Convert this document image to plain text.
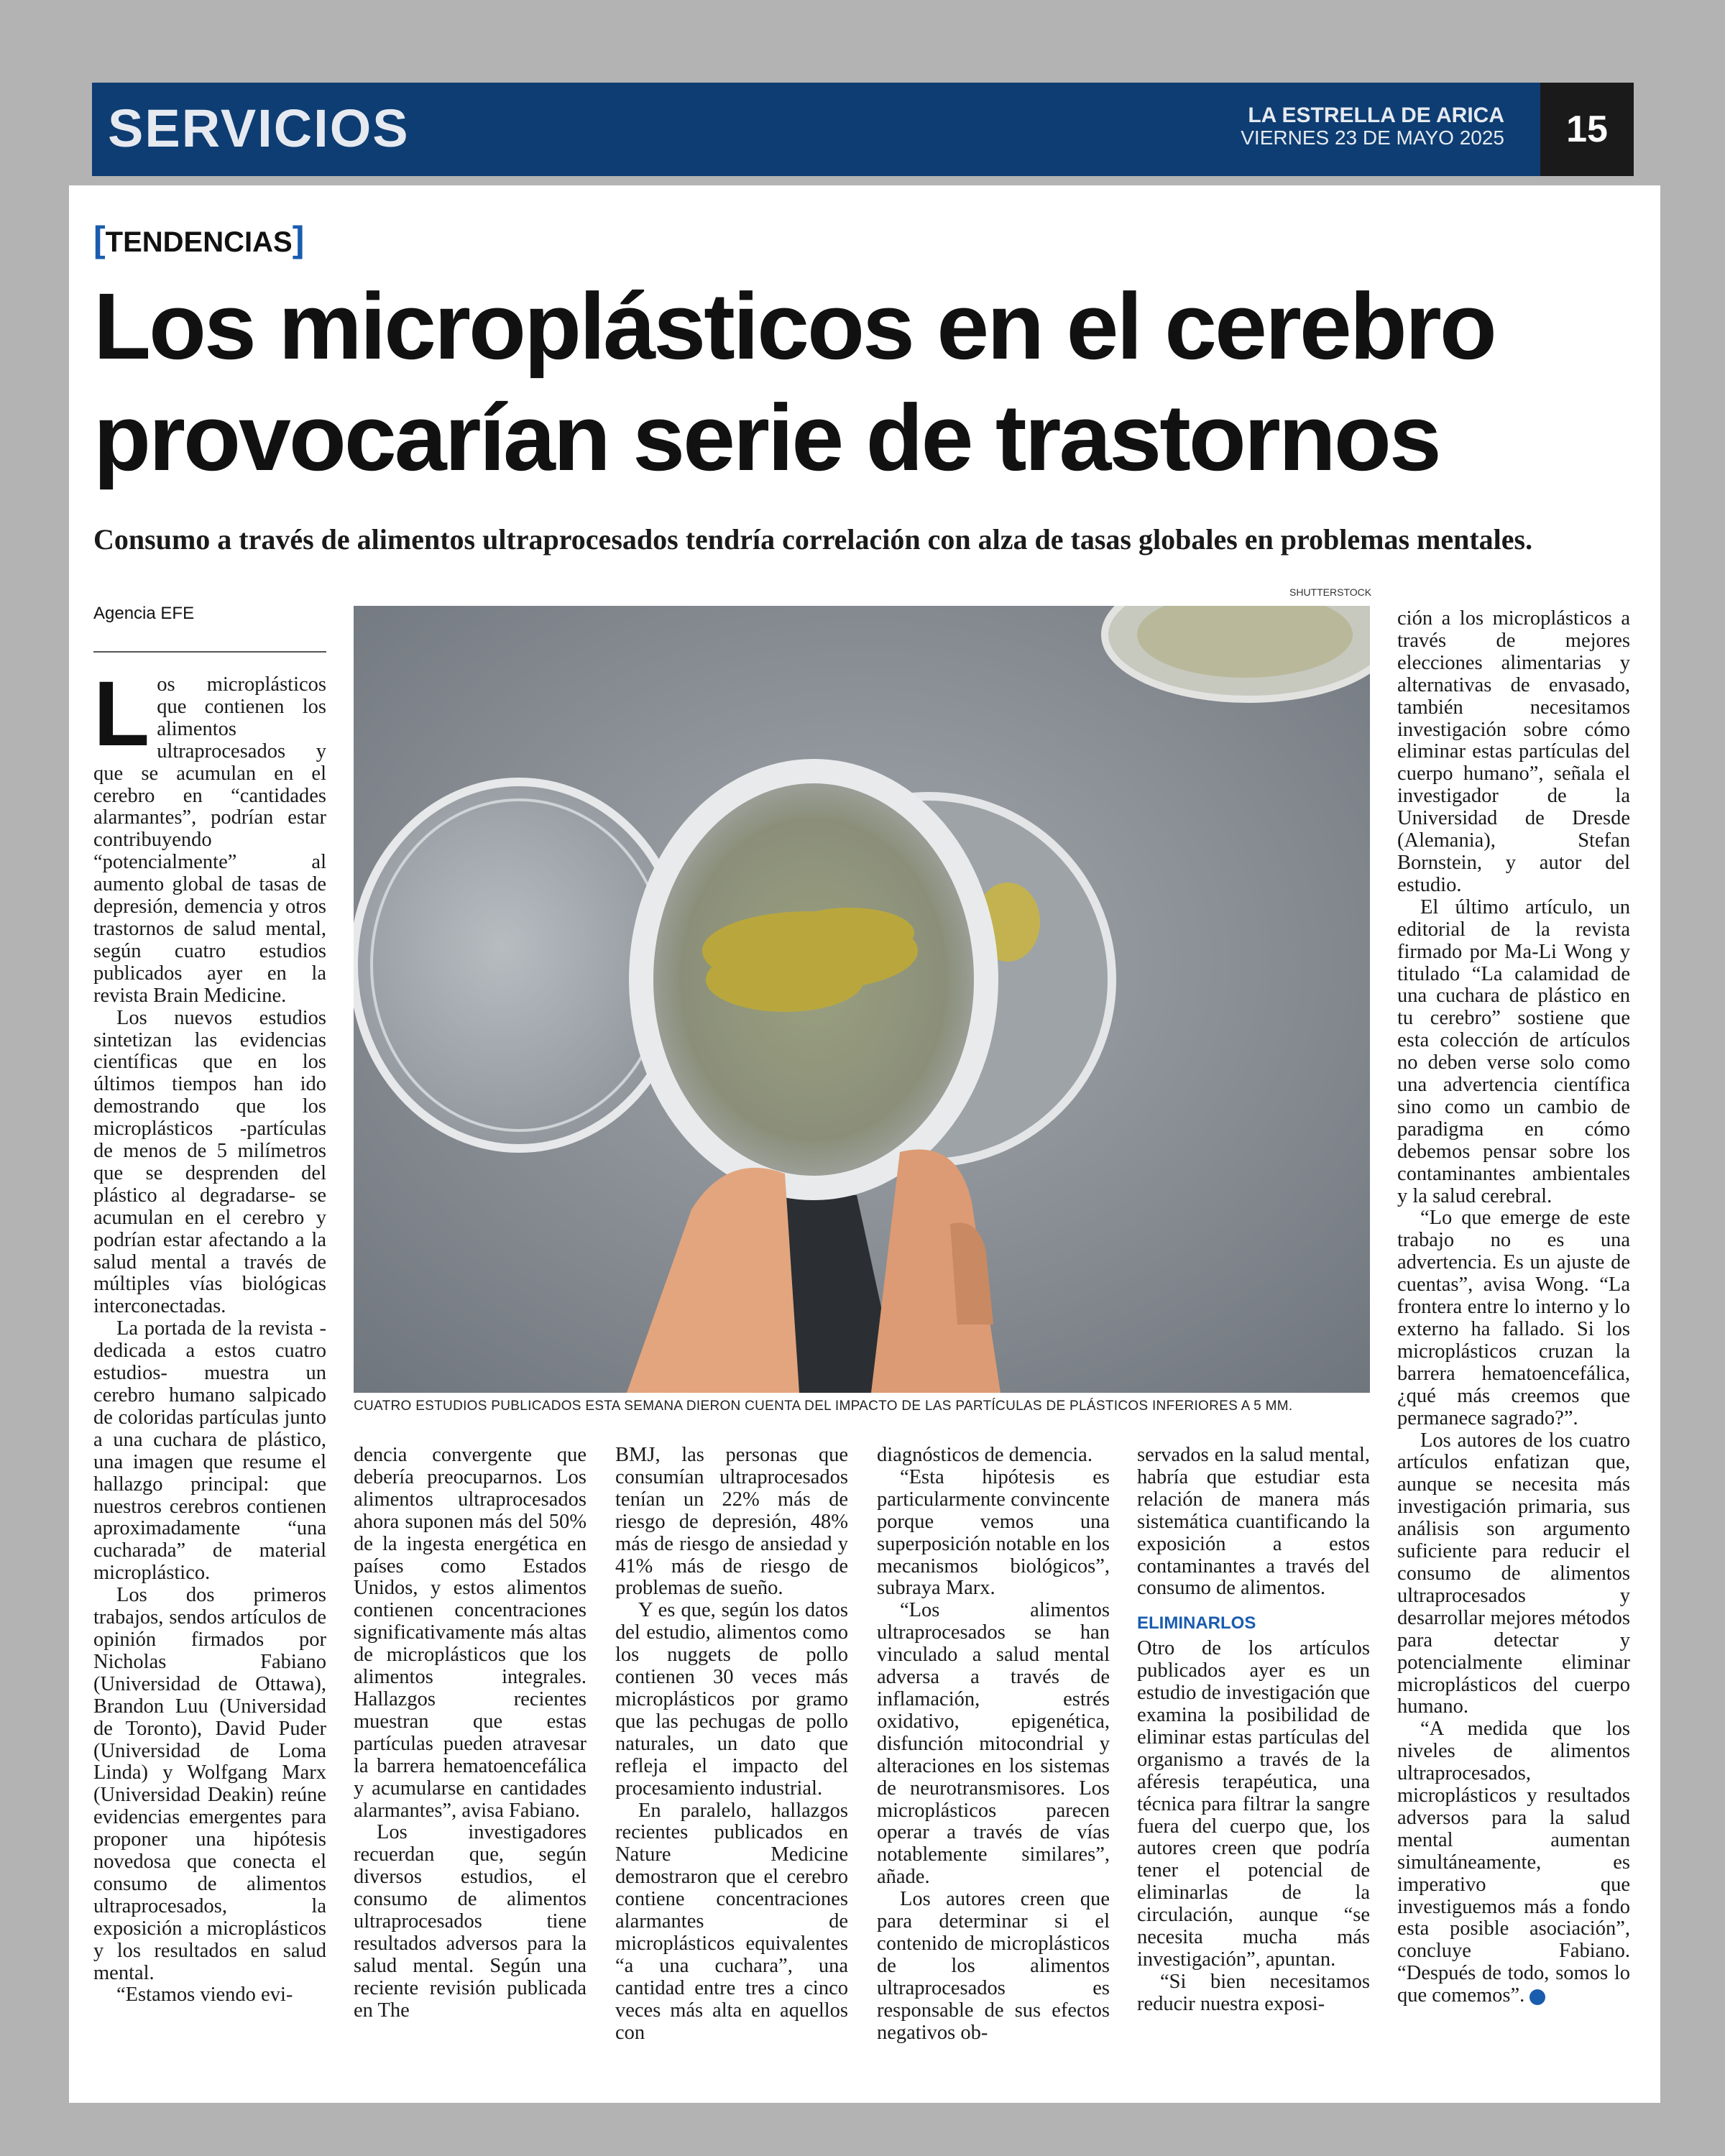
SERVICIOS	LA ESTRELLA DE ARICA
VIERNES 23 DE MAYO 2025	15
[TENDENCIAS]
Los microplásticos en el cerebro
provocarían serie de trastornos
Consumo a través de alimentos ultraprocesados tendría correlación con alza de tasas globales en problemas mentales.
SHUTTERSTOCK
Agencia EFE
CUATRO ESTUDIOS PUBLICADOS ESTA SEMANA DIERON CUENTA DEL IMPACTO DE LAS PARTÍCULAS DE PLÁSTICOS INFERIORES A 5 MM.

Los microplásticos que contienen los alimentos ultraprocesados y que se acumulan en el cerebro en “cantidades alarmantes”, podrían estar contribuyendo “potencialmente” al aumento global de tasas de depresión, demencia y otros trastornos de salud mental, según cuatro estudios publicados ayer en la revista Brain Medicine.

Los nuevos estudios sintetizan las evidencias científicas que en los últimos tiempos han ido demostrando que los microplásticos -partículas de menos de 5 milímetros que se desprenden del plástico al degradarse- se acumulan en el cerebro y podrían estar afectando a la salud mental a través de múltiples vías biológicas interconectadas.

La portada de la revista -dedicada a estos cuatro estudios- muestra un cerebro humano salpicado de coloridas partículas junto a una cuchara de plástico, una imagen que resume el hallazgo principal: que nuestros cerebros contienen aproximadamente “una cucharada” de material microplástico.

Los dos primeros trabajos, sendos artículos de opinión firmados por Nicholas Fabiano (Universidad de Ottawa), Brandon Luu (Universidad de Toronto), David Puder (Universidad de Loma Linda) y Wolfgang Marx (Universidad Deakin) reúne evidencias emergentes para proponer una hipótesis novedosa que conecta el consumo de alimentos ultraprocesados, la exposición a microplásticos y los resultados en salud mental.

“Estamos viendo evi-

dencia convergente que debería preocuparnos. Los alimentos ultraprocesados ahora suponen más del 50% de la ingesta energética en países como Estados Unidos, y estos alimentos contienen concentraciones significativamente más altas de microplásticos que los alimentos integrales. Hallazgos recientes muestran que estas partículas pueden atravesar la barrera hematoencefálica y acumularse en cantidades alarmantes”, avisa Fabiano.

Los investigadores recuerdan que, según diversos estudios, el consumo de alimentos ultraprocesados tiene resultados adversos para la salud mental. Según una reciente revisión publicada en The

BMJ, las personas que consumían ultraprocesados tenían un 22% más de riesgo de depresión, 48% más de riesgo de ansiedad y 41% más de riesgo de problemas de sueño.

Y es que, según los datos del estudio, alimentos como los nuggets de pollo contienen 30 veces más microplásticos por gramo que las pechugas de pollo naturales, un dato que refleja el impacto del procesamiento industrial.

En paralelo, hallazgos recientes publicados en Nature Medicine demostraron que el cerebro contiene concentraciones alarmantes de microplásticos equivalentes “a una cuchara”, una cantidad entre tres a cinco veces más alta en aquellos con

diagnósticos de demencia.

“Esta hipótesis es particularmente convincente porque vemos una superposición notable en los mecanismos biológicos”, subraya Marx.

“Los alimentos ultraprocesados se han vinculado a salud mental adversa a través de inflamación, estrés oxidativo, epigenética, disfunción mitocondrial y alteraciones en los sistemas de neurotransmisores. Los microplásticos parecen operar a través de vías notablemente similares”, añade.

Los autores creen que para determinar si el contenido de microplásticos de los alimentos ultraprocesados es responsable de sus efectos negativos ob-

servados en la salud mental, habría que estudiar esta relación de manera más sistemática cuantificando la exposición a estos contaminantes a través del consumo de alimentos.

ELIMINARLOS

Otro de los artículos publicados ayer es un estudio de investigación que examina la posibilidad de eliminar estas partículas del organismo a través de la aféresis terapéutica, una técnica para filtrar la sangre fuera del cuerpo que, los autores creen que podría tener el potencial de eliminarlas de la circulación, aunque “se necesita mucha más investigación”, apuntan.

“Si bien necesitamos reducir nuestra exposi-

ción a los microplásticos a través de mejores elecciones alimentarias y alternativas de envasado, también necesitamos investigación sobre cómo eliminar estas partículas del cuerpo humano”, señala el investigador de la Universidad de Dresde (Alemania), Stefan Bornstein, y autor del estudio.

El último artículo, un editorial de la revista firmado por Ma-Li Wong y titulado “La calamidad de una cuchara de plástico en tu cerebro” sostiene que esta colección de artículos no deben verse solo como una advertencia científica sino como un cambio de paradigma en cómo debemos pensar sobre los contaminantes ambientales y la salud cerebral.

“Lo que emerge de este trabajo no es una advertencia. Es un ajuste de cuentas”, avisa Wong. “La frontera entre lo interno y lo externo ha fallado. Si los microplásticos cruzan la barrera hematoencefálica, ¿qué más creemos que permanece sagrado?”.

Los autores de los cuatro artículos enfatizan que, aunque se necesita más investigación primaria, sus análisis son argumento suficiente para reducir el consumo de alimentos ultraprocesados y desarrollar mejores métodos para detectar y potencialmente eliminar microplásticos del cuerpo humano.

“A medida que los niveles de alimentos ultraprocesados, microplásticos y resultados adversos para la salud mental aumentan simultáneamente, es imperativo que investiguemos más a fondo esta posible asociación”, concluye Fabiano. “Después de todo, somos lo que comemos”. ✚
